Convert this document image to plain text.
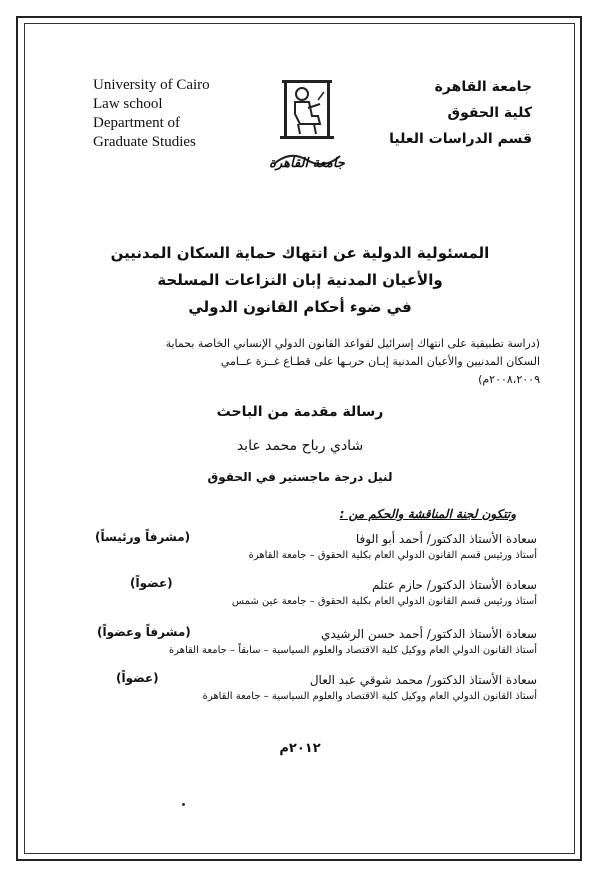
University of Cairo
Law school
Department of
Graduate Studies
جامعة القاهرة
كلية الحقوق
قسم الدراسات العليا
جامعة القاهرة
المسئولية الدولية عن انتهاك حماية السكان المدنيين
والأعيان المدنية إبان النزاعات المسلحة
في ضوء أحكام القانون الدولي
(دراسة تطبيقية على انتهاك إسرائيل لقواعد القانون الدولي الإنساني الخاصة بحماية
السكان المدنيين والأعيان المدنية إبـان حربـها على قطـاع غــزة عــامي
٢٠٠٨،٢٠٠٩م)
رسالة مقدمة من الباحث
شادي رباح محمد عابد
لنيل درجة ماجستير في الحقوق
وتتكون لجنة المناقشة والحكم من :
سعادة الأستاذ الدكتور/ أحمد أبو الوفا
(مشرفاً ورئيساً)
أستاذ ورئيس قسم القانون الدولي العام بكلية الحقوق – جامعة القاهرة
سعادة الأستاذ الدكتور/ حازم عتلم
(عضواً)
أستاذ ورئيس قسم القانون الدولي العام بكلية الحقوق – جامعة عين شمس
سعادة الأستاذ الدكتور/ أحمد حسن الرشيدي
(مشرفاً وعضواً)
أستاذ القانون الدولي العام ووكيل كلية الاقتصاد والعلوم السياسية – سابقاً – جامعة القاهرة
سعادة الأستاذ الدكتور/ محمد شوقي عبد العال
(عضواً)
أستاذ القانون الدولي العام ووكيل كلية الاقتصاد والعلوم السياسية – جامعة القاهرة
٢٠١٢م
